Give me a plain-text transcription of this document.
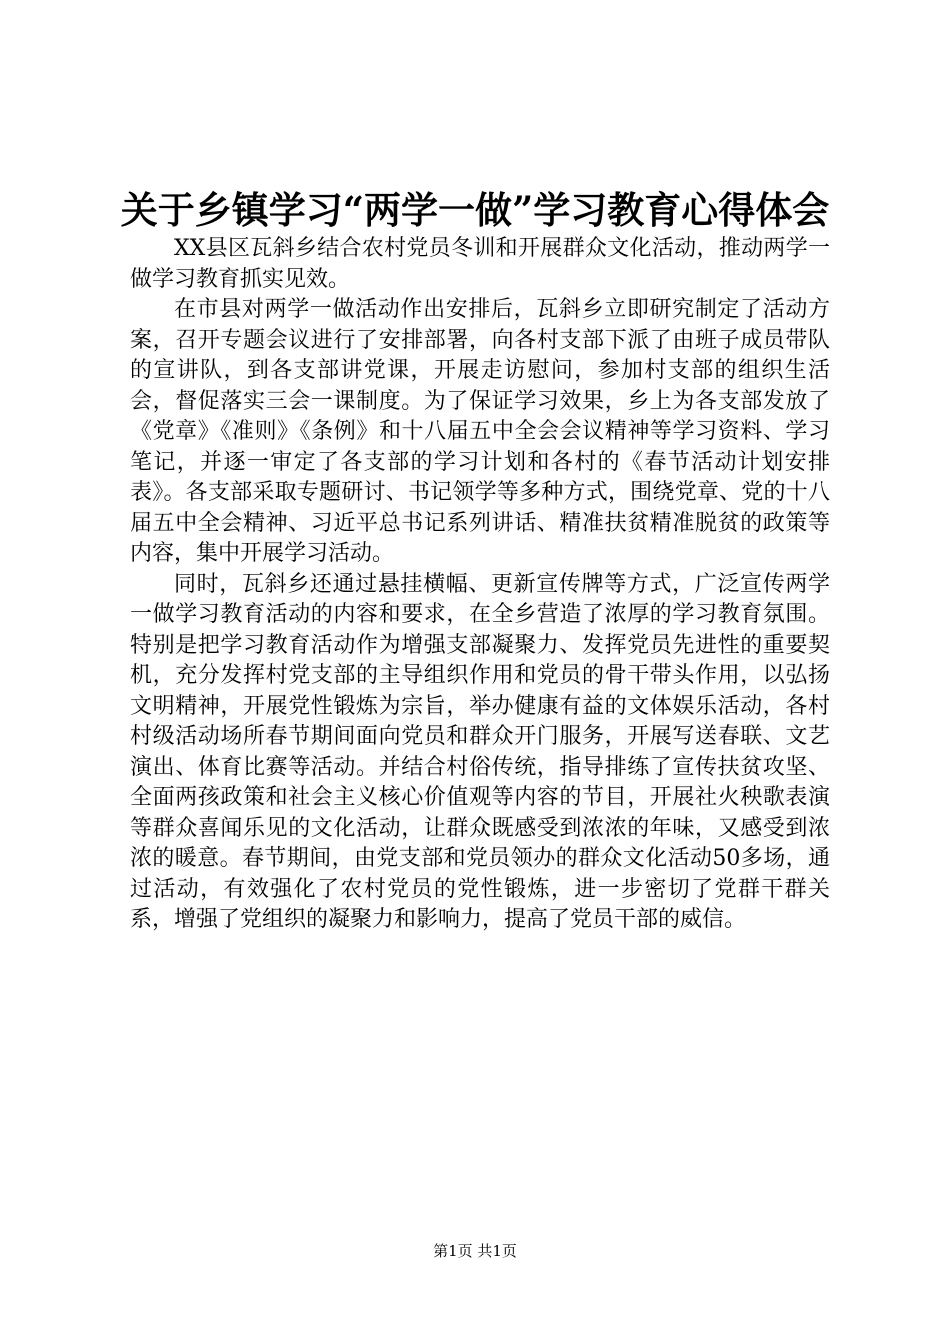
关于乡镇学习“两学一做”学习教育心得体会

XX县区瓦斜乡结合农村党员冬训和开展群众文化活动，推动两学一做学习教育抓实见效。

在市县对两学一做活动作出安排后，瓦斜乡立即研究制定了活动方案，召开专题会议进行了安排部署，向各村支部下派了由班子成员带队的宣讲队，到各支部讲党课，开展走访慰问，参加村支部的组织生活会，督促落实三会一课制度。为了保证学习效果，乡上为各支部发放了《党章》《准则》《条例》和十八届五中全会会议精神等学习资料、学习笔记，并逐一审定了各支部的学习计划和各村的《春节活动计划安排表》。各支部采取专题研讨、书记领学等多种方式，围绕党章、党的十八届五中全会精神、习近平总书记系列讲话、精准扶贫精准脱贫的政策等内容，集中开展学习活动。

同时，瓦斜乡还通过悬挂横幅、更新宣传牌等方式，广泛宣传两学一做学习教育活动的内容和要求，在全乡营造了浓厚的学习教育氛围。特别是把学习教育活动作为增强支部凝聚力、发挥党员先进性的重要契机，充分发挥村党支部的主导组织作用和党员的骨干带头作用，以弘扬文明精神，开展党性锻炼为宗旨，举办健康有益的文体娱乐活动，各村村级活动场所春节期间面向党员和群众开门服务，开展写送春联、文艺演出、体育比赛等活动。并结合村俗传统，指导排练了宣传扶贫攻坚、全面两孩政策和社会主义核心价值观等内容的节目，开展社火秧歌表演等群众喜闻乐见的文化活动，让群众既感受到浓浓的年味，又感受到浓浓的暖意。春节期间，由党支部和党员领办的群众文化活动50多场，通过活动，有效强化了农村党员的党性锻炼，进一步密切了党群干群关系，增强了党组织的凝聚力和影响力，提高了党员干部的威信。

第1页 共1页
